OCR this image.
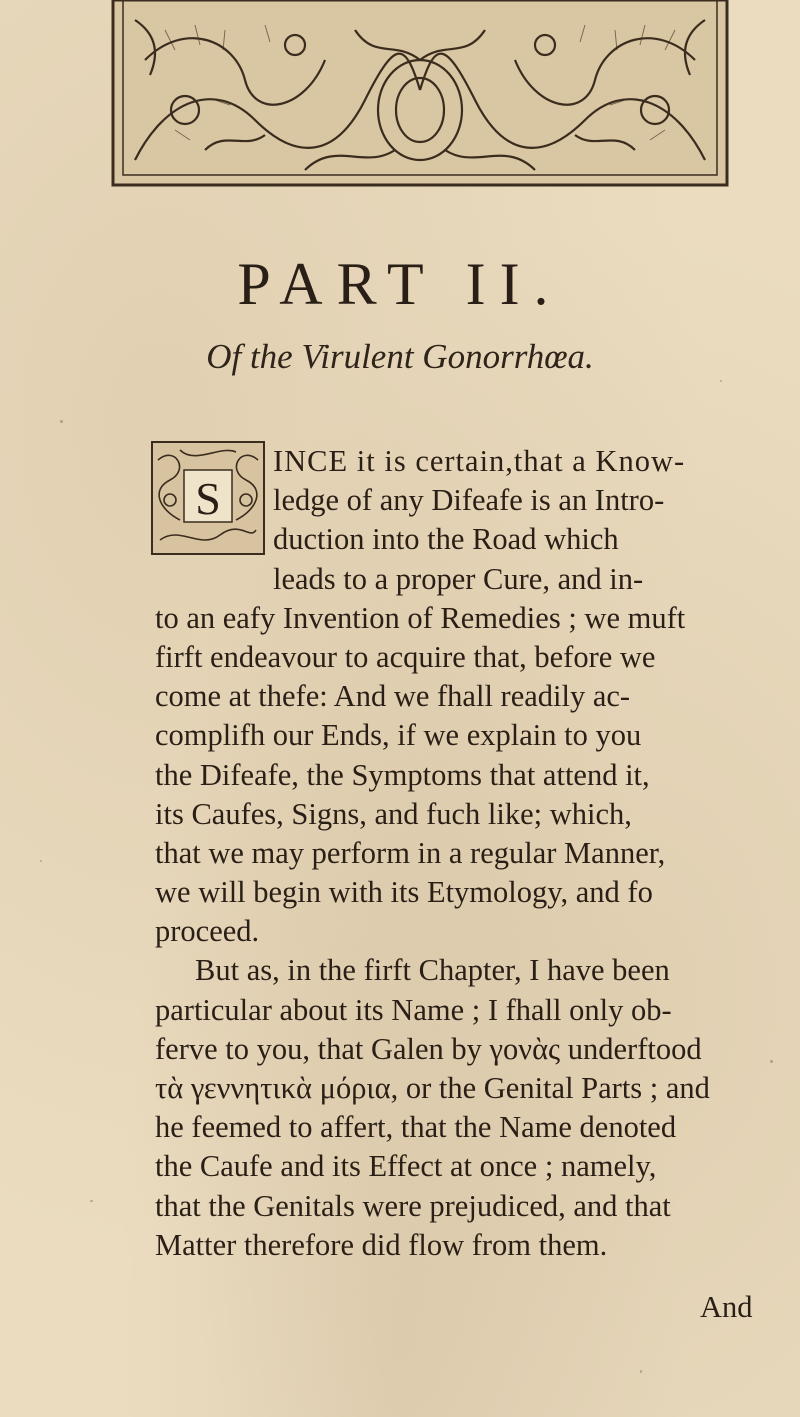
PART II.
Of the Virulent Gonorrhœa.
S
INCE it is certain,that a Know-
ledge of any Difeafe is an Intro-
duction into the Road which
leads to a proper Cure, and in-
to an eafy Invention of Remedies ; we muft
firft endeavour to acquire that, before we
come at thefe: And we fhall readily ac-
complifh our Ends, if we explain to you
the Difeafe, the Symptoms that attend it,
its Caufes, Signs, and fuch like; which,
that we may perform in a regular Manner,
we will begin with its Etymology, and fo
proceed.
But as, in the firft Chapter, I have been
particular about its Name ; I fhall only ob-
ferve to you, that Galen by γονὰς underftood
τὰ γεννητικὰ μόρια, or the Genital Parts ; and
he feemed to affert, that the Name denoted
the Caufe and its Effect at once ; namely,
that the Genitals were prejudiced, and that
Matter therefore did flow from them.
And
